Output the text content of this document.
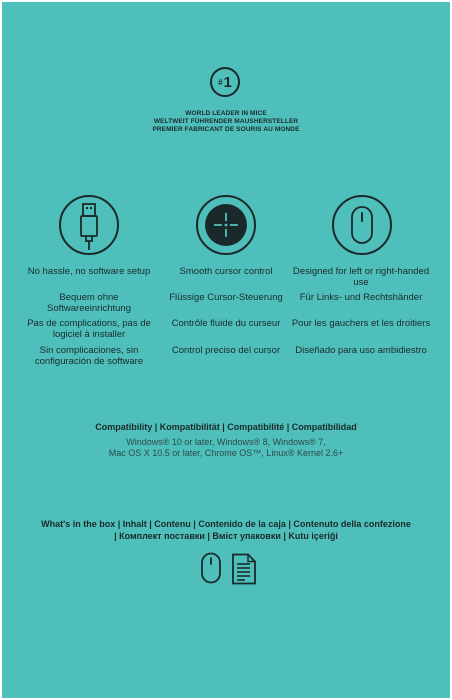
# 1
WORLD LEADER IN MICE
WELTWEIT FÜHRENDER MAUSHERSTELLER
PREMIER FABRICANT DE SOURIS AU MONDE

No hassle, no software setup

Bequem ohne Softwareeinrichtung

Pas de complications, pas de logiciel à installer

Sin complicaciones, sin configuración de software

Smooth cursor control

Flüssige Cursor-Steuerung

Contrôle fluide du curseur

Control preciso del cursor

Designed for left or right-handed use

Für Links- und Rechtshänder

Pour les gauchers et les droitiers

Diseñado para uso ambidiestro

Compatibility | Kompatibilität | Compatibilité | Compatibilidad
Windows® 10 or later, Windows® 8, Windows® 7,
Mac OS X 10.5 or later, Chrome OS™, Linux® Kernel 2.6+
What's in the box | Inhalt | Contenu | Contenido de la caja | Contenuto della confezione | Комплект поставки | Вміст упаковки | Kutu içeriği
